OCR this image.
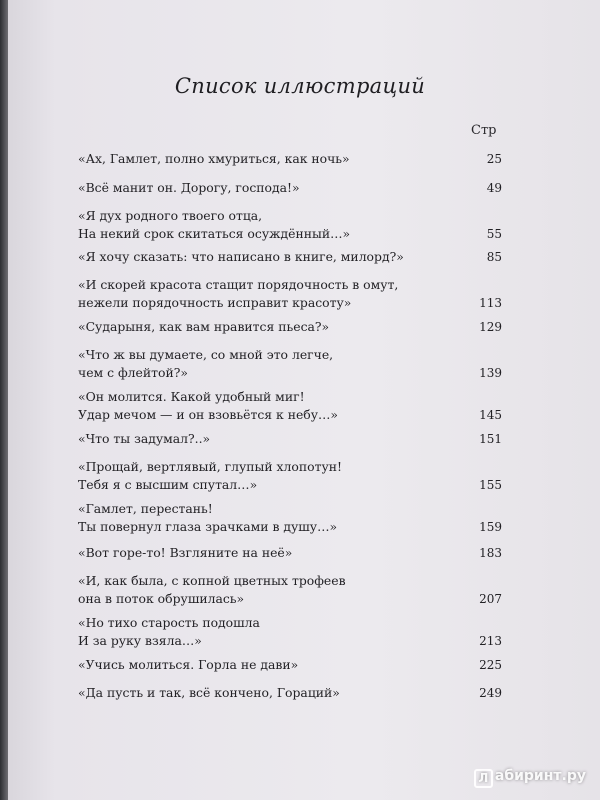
Список иллюстраций
Стр
«Ах, Гамлет, полно хмуриться, как ночь»	25
«Всё манит он. Дорогу, господа!»	49
«Я дух родного твоего отца,
На некий срок скитаться осуждённый…»	55
«Я хочу сказать: что написано в книге, милорд?»	85
«И скорей красота стащит порядочность в омут,
нежели порядочность исправит красоту»	113
«Сударыня, как вам нравится пьеса?»	129
«Что ж вы думаете, со мной это легче,
чем с флейтой?»	139
«Он молится. Какой удобный миг!
Удар мечом — и он взовьётся к небу…»	145
«Что ты задумал?..»	151
«Прощай, вертлявый, глупый хлопотун!
Тебя я с высшим спутал…»	155
«Гамлет, перестань!
Ты повернул глаза зрачками в душу…»	159
«Вот горе-то! Взгляните на неё»	183
«И, как была, с копной цветных трофеев
она в поток обрушилась»	207
«Но тихо старость подошла
И за руку взяла…»	213
«Учись молиться. Горла не дави»	225
«Да пусть и так, всё кончено, Гораций»	249
Л абиринт.ру
